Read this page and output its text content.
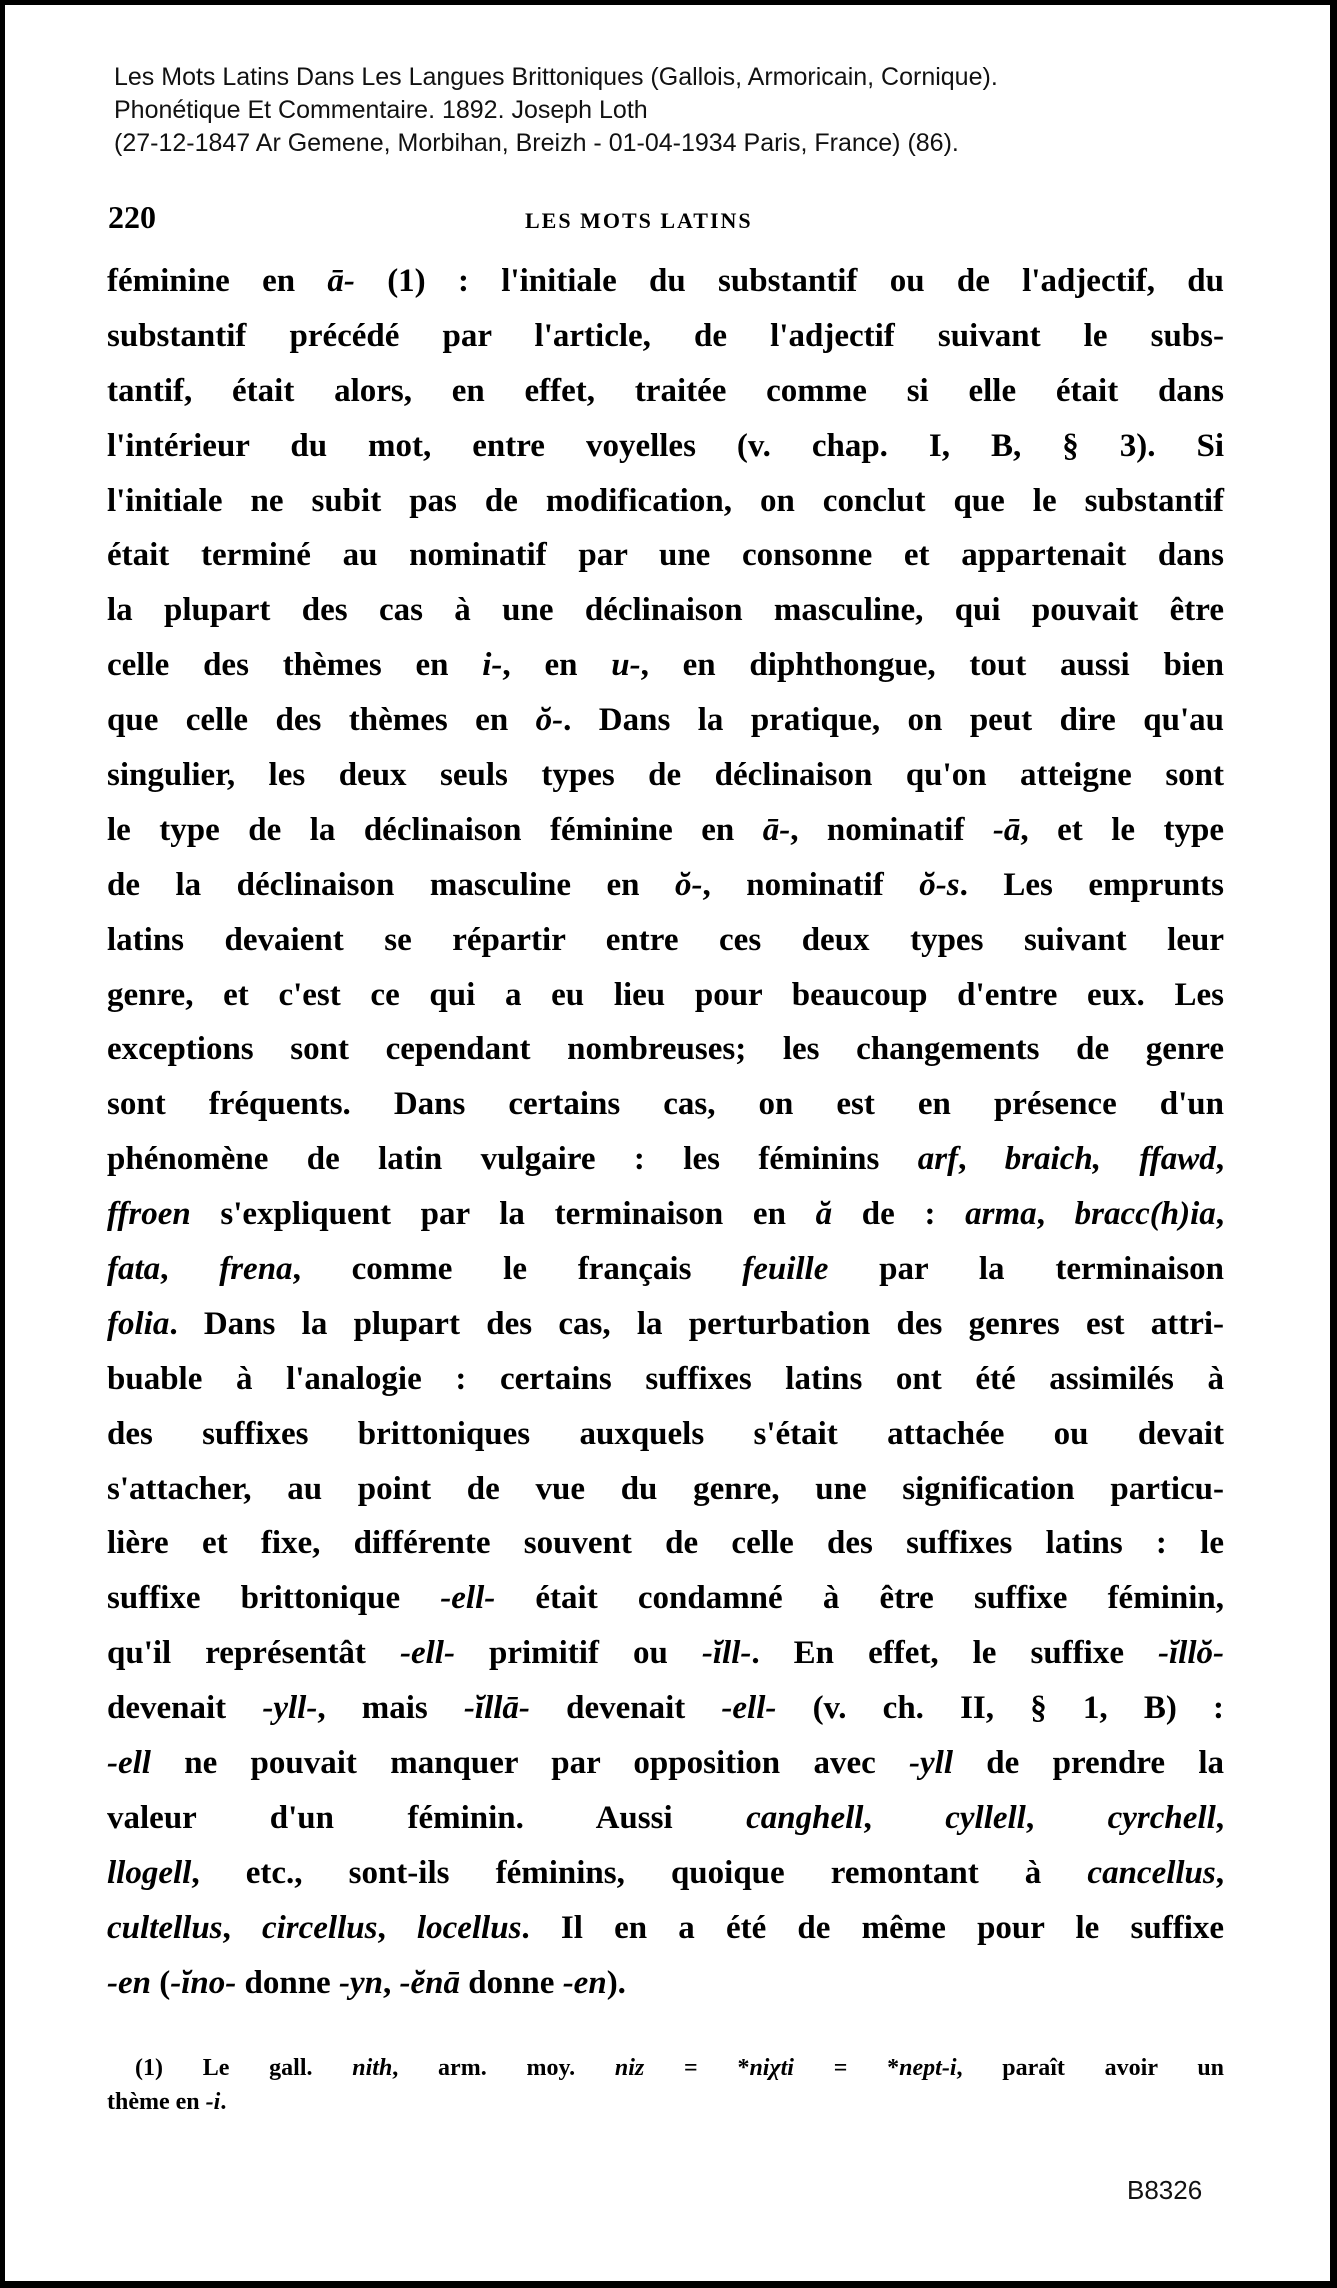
Les Mots Latins Dans Les Langues Brittoniques (Gallois, Armoricain, Cornique).
Phonétique Et Commentaire. 1892. Joseph Loth
(27-12-1847 Ar Gemene, Morbihan, Breizh - 01-04-1934 Paris, France) (86).
220	LES MOTS LATINS
féminine en ā- (1) : l'initiale du substantif ou de l'adjectif, du
substantif précédé par l'article, de l'adjectif suivant le subs-
tantif, était alors, en effet, traitée comme si elle était dans
l'intérieur du mot, entre voyelles (v. chap. I, B, § 3). Si
l'initiale ne subit pas de modification, on conclut que le substantif
était terminé au nominatif par une consonne et appartenait dans
la plupart des cas à une déclinaison masculine, qui pouvait être
celle des thèmes en i-, en u-, en diphthongue, tout aussi bien
que celle des thèmes en ŏ-. Dans la pratique, on peut dire qu'au
singulier, les deux seuls types de déclinaison qu'on atteigne sont
le type de la déclinaison féminine en ā-, nominatif -ā, et le type
de la déclinaison masculine en ŏ-, nominatif ŏ-s. Les emprunts
latins devaient se répartir entre ces deux types suivant leur
genre, et c'est ce qui a eu lieu pour beaucoup d'entre eux. Les
exceptions sont cependant nombreuses; les changements de genre
sont fréquents. Dans certains cas, on est en présence d'un
phénomène de latin vulgaire : les féminins arf, braich, ffawd,
ffroen s'expliquent par la terminaison en ă de : arma, bracc(h)ia,
fata, frena, comme le français feuille par la terminaison
folia. Dans la plupart des cas, la perturbation des genres est attri-
buable à l'analogie : certains suffixes latins ont été assimilés à
des suffixes brittoniques auxquels s'était attachée ou devait
s'attacher, au point de vue du genre, une signification particu-
lière et fixe, différente souvent de celle des suffixes latins : le
suffixe brittonique -ell- était condamné à être suffixe féminin,
qu'il représentât -ell- primitif ou -ĭll-. En effet, le suffixe -ĭllŏ-
devenait -yll-, mais -ĭllā- devenait -ell- (v. ch. II, § 1, B) :
-ell ne pouvait manquer par opposition avec -yll de prendre la
valeur d'un féminin. Aussi canghell, cyllell, cyrchell,
llogell, etc., sont-ils féminins, quoique remontant à cancellus,
cultellus, circellus, locellus. Il en a été de même pour le suffixe
-en (-ĭno- donne -yn, -ĕnā donne -en).
(1) Le gall. nith, arm. moy. niz = *niχti = *nept-i, paraît avoir un
thème en -i.
B8326
